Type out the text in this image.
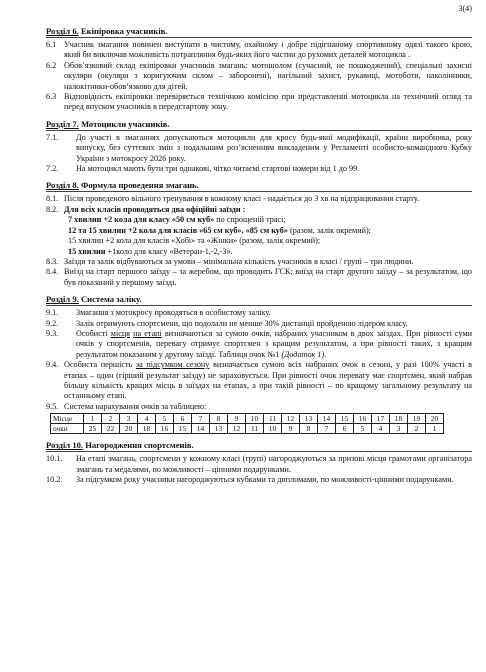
3(4)
Розділ 6. Екіпіровка учасників.
6.1 Учасник змагання повинен виступати в чистому, охайному і добре підігнаному спортивному одязі такого крою, який би виключав можливість потрапляння будь-яких його частин до рухомих деталей мотоцикла .
6.2 Обов’язковий склад екіпіровки учасників змагань: мотошолом (сучасний, не пошкоджений), спеціальні захисні окуляри (окуляри з коригуючим склом – заборонені), нагільний захист, рукавиці, мотоботи, наколінники, налокітники-обов’язково для дітей.
6.3 Відповідність екіпіровки перевіряється технічною комісією при представленні мотоцикла на технічний огляд та перед впуском учасників в передстартову зону.
Розділ 7. Мотоцикли учасників.
7.1. До участі в змаганнях допускаються мотоцикли для кросу будь-якої модифікації, країни виробника, року випуску, без суттєвих змін з подальшим роз’ясненням викладеним у Регламенті особисто-командного Кубку України з мотокросу 2026 року.
7.2. На мотоцикл мають бути три однакові, чітко читаємі стартові номери від 1 до 99.
Розділ 8. Формула проведення змагань.
8.1. Після проведеного вільного тренування в кожному класі - надається до 3 хв на відпрацювання старту.
8.2. Для всіх класів проводяться два офіційні заїзди :
7 хвилин +2 кола для класу «50 см куб» по спрощеній трасі;
12 та 15 хвилин +2 кола для класів «65 см куб», «85 см куб» (разом, залік окремий);
15 хвилин +2 кола для класів «Хобі» та «Жінки» (разом, залік окремий);
15 хвилин +1коло для класу «Ветеран-1,-2,-3».
8.3. Заїзди та залік відбуваються за умови – мінімальна кількість учасників в класі / групі – три людини.
8.4. Виїзд на старт першого заїзду – за жеребом, що проводить ГСК; виїзд на старт другого заїзду – за результатом, що був показаний у першому заїзді.
Розділ 9. Система заліку.
9.1. Змагання з мотокросу проводяться в особистому заліку.
9.2. Залік отримують спортсмени, що подолали не менше 30% дистанції пройденою лідером класу.
9.3. Особисті місця на етапі визначаються за сумою очків, набраних учасником в двох заїздах. При рівності суми очків у спортсменів, перевагу отримує спортсмен з кращим результатом, а при рівності таких, з кращим результатом показаним у другому заїзді. Таблиця очок №1 (Додаток 1).
9.4. Особиста першість за підсумком сезону визначається сумою всіх набраних очок в сезоні, у разі 100% участі в етапах – один (гірший результат заїзду) не зараховується. При рівності очок перевагу має спортсмен, який набрав більшу кількість кращих місць в заїздах на етапах, а при такій рівності – по кращому загальному результату на останньому етапі.
9.5. Система нарахування очків за таблицею:
Місце	1	2	3	4	5	6	7	8	9	10	11	12	13	14	15	16	17	18	19	20
очки	25	22	20	18	16	15	14	13	12	11	10	9	8	7	6	5	4	3	2	1
Розділ 10. Нагородження спортсменів.
10.1. На етапі змагань, спортсмени у кожному класі (групі) нагороджуються за призові місця грамотами організатора змагань та медалями, по можливості – цінними подарунками.
10.2. За підсумком року учасники нагороджуються кубками та дипломами, по можливості-цінними подарунками.
